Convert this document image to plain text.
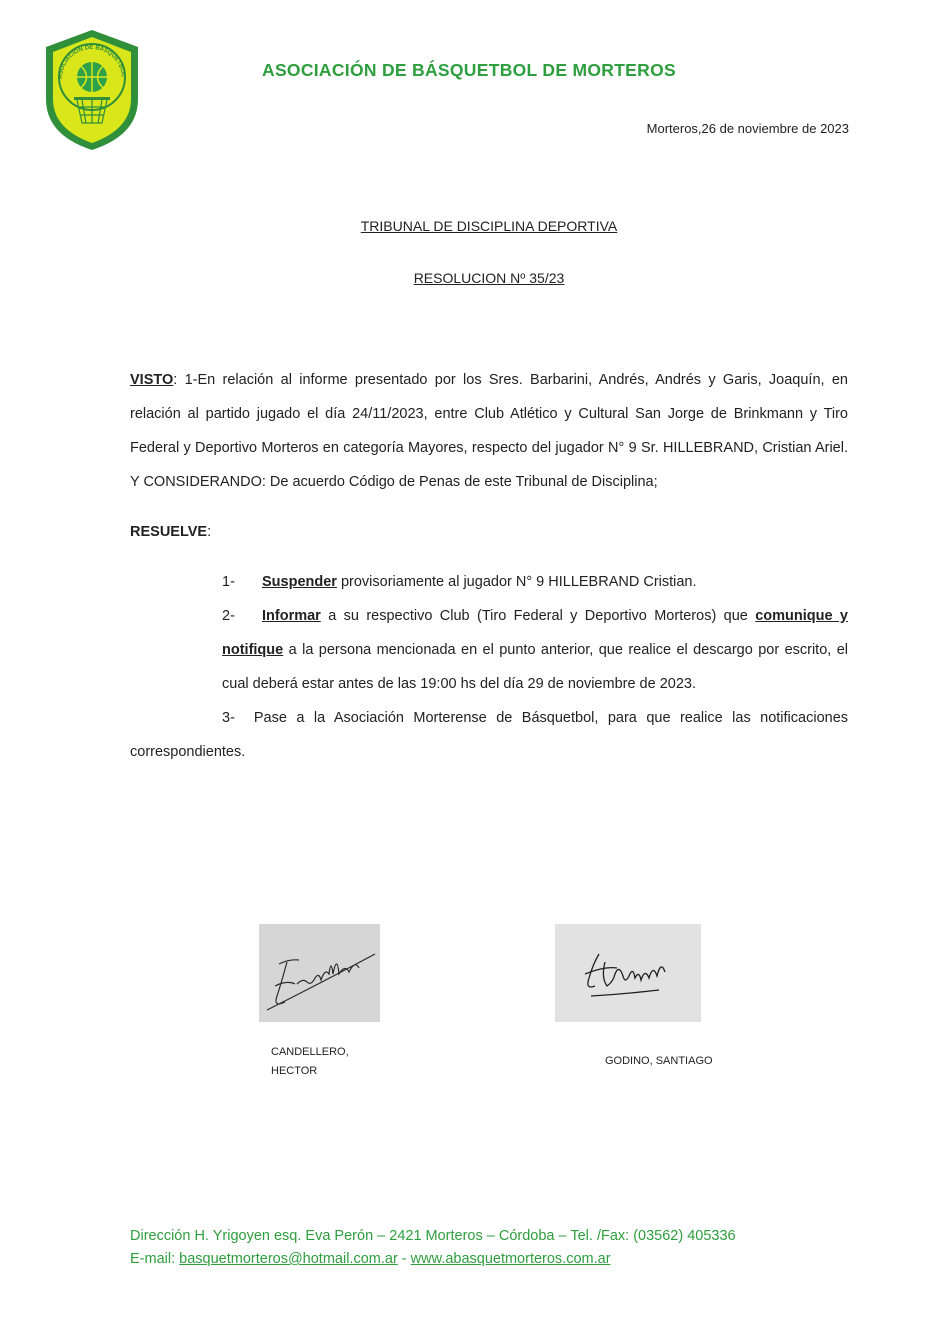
ASOCIACION DE BASQUETBOL	ASOCIACIÓN DE BÁSQUETBOL DE MORTEROS
Morteros,26 de noviembre de 2023
TRIBUNAL DE DISCIPLINA DEPORTIVA
RESOLUCION Nº 35/23
VISTO: 1-En relación al informe presentado por los Sres. Barbarini, Andrés, Andrés y Garis, Joaquín, en relación al partido jugado el día 24/11/2023, entre Club Atlético y Cultural San Jorge de Brinkmann y Tiro Federal y Deportivo Morteros en categoría Mayores, respecto del jugador N° 9 Sr. HILLEBRAND, Cristian Ariel. Y CONSIDERANDO: De acuerdo Código de Penas de este Tribunal de Disciplina;
RESUELVE:
1- Suspender provisoriamente al jugador N° 9 HILLEBRAND Cristian.
2- Informar a su respectivo Club (Tiro Federal y Deportivo Morteros) que comunique y notifique a la persona mencionada en el punto anterior, que realice el descargo por escrito, el cual deberá estar antes de las 19:00 hs del día 29 de noviembre de 2023.
3- Pase a la Asociación Morterense de Básquetbol, para que realice las notificaciones correspondientes.
CANDELLERO,
HECTOR
GODINO, SANTIAGO
Dirección H. Yrigoyen esq. Eva Perón – 2421 Morteros – Córdoba – Tel. /Fax: (03562) 405336
E-mail: basquetmorteros@hotmail.com.ar - www.abasquetmorteros.com.ar
